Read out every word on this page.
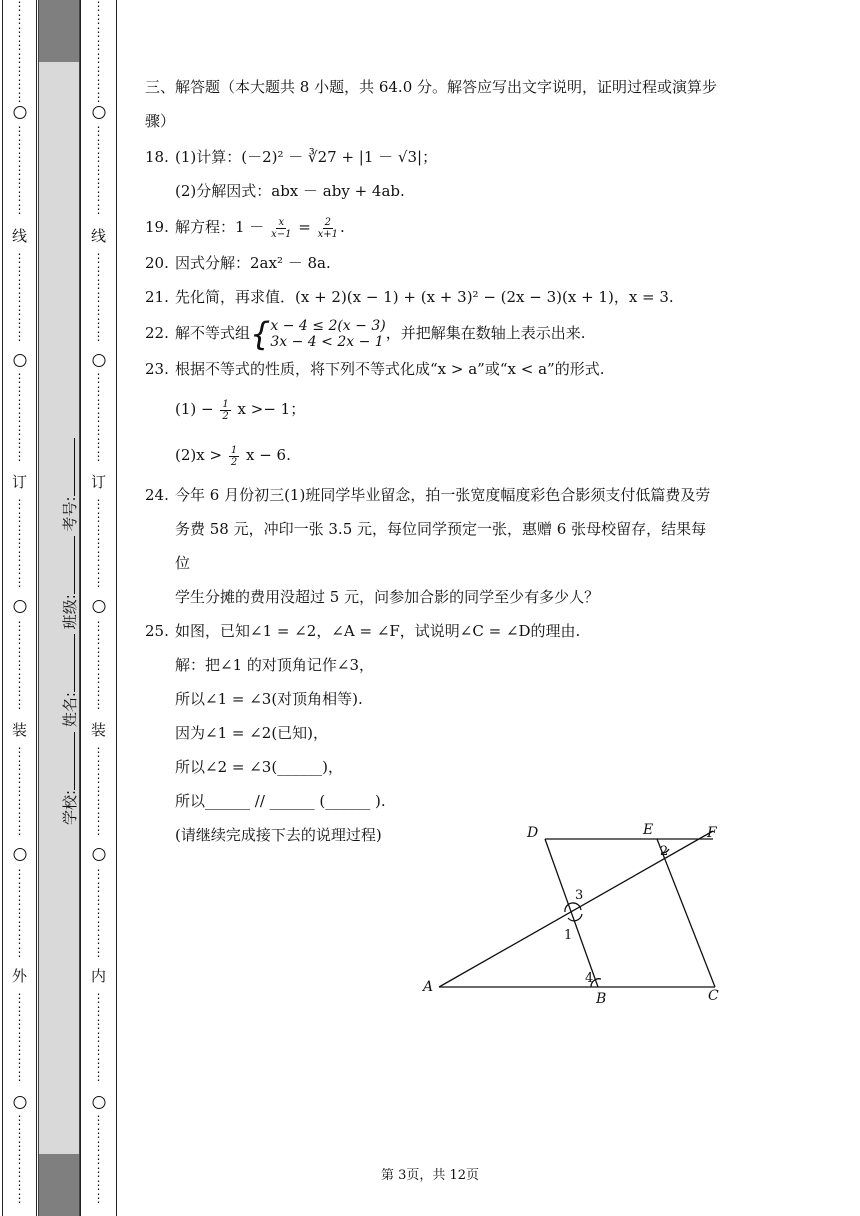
⋮
⋮
⋮
⋮
⋮
⋮
⋮
⋮
⋮
⋮
⋮
⋮
⋮
⋮
⋮
线
⋮
⋮
⋮
⋮
⋮
⋮
⋮
⋮
⋮
⋮
⋮
⋮
⋮
⋮
订
⋮
⋮
⋮
⋮
⋮
⋮
⋮
⋮
⋮
⋮
⋮
⋮
⋮
⋮
装
⋮
⋮
⋮
⋮
⋮
⋮
⋮
⋮
⋮
⋮
⋮
⋮
⋮
⋮
外
⋮
⋮
⋮
⋮
⋮
⋮
⋮
⋮
⋮
⋮
⋮
⋮
⋮
⋮
学校: 姓名: 班级: 考号:
⋮
⋮
⋮
⋮
⋮
⋮
⋮
⋮
⋮
⋮
⋮
⋮
⋮
⋮
⋮
线
⋮
⋮
⋮
⋮
⋮
⋮
⋮
⋮
⋮
⋮
⋮
⋮
⋮
⋮
订
⋮
⋮
⋮
⋮
⋮
⋮
⋮
⋮
⋮
⋮
⋮
⋮
⋮
⋮
装
⋮
⋮
⋮
⋮
⋮
⋮
⋮
⋮
⋮
⋮
⋮
⋮
⋮
⋮
内
⋮
⋮
⋮
⋮
⋮
⋮
⋮
⋮
⋮
⋮
⋮
⋮
⋮
⋮
三、解答题（本大题共 8 小题，共 64.0 分。解答应写出文字说明，证明过程或演算步
骤）
18. (1)计算：(－2)² － ∛27 + |1 － √3|；
(2)分解因式：abx － aby + 4ab.
19. 解方程：$1 - \frac{x}{x-1} = \frac{2}{x+1}$ .
20. 因式分解：2ax² － 8a.
21. 先化简，再求值．(x + 2)(x − 1) + (x + 3)² − (2x − 3)(x + 1)，x = 3.
22. 解不等式组 { x − 4 ≤ 2(x − 3)
3x − 4 < 2x − 1 ，并把解集在数轴上表示出来.
23. 根据不等式的性质，将下列不等式化成“x > a”或“x < a”的形式.
$(1) - \frac{1}{2}$ x >− 1；
$(2)x > \frac{1}{2}$ x − 6.
24. 今年 6 月份初三(1)班同学毕业留念，拍一张宽度幅度彩色合影须支付低篇费及劳
务费 58 元，冲印一张 3.5 元，每位同学预定一张，惠赠 6 张母校留存，结果每位
学生分摊的费用没超过 5 元，问参加合影的同学至少有多少人？
25. 如图，已知∠1 = ∠2，∠A = ∠F，试说明∠C = ∠D的理由.
解：把∠1 的对顶角记作∠3，
所以∠1 = ∠3(对顶角相等).
因为∠1 = ∠2(已知)，
所以∠2 = ∠3(______)，
所以______ // ______ (______ ).
(请继续完成接下去的说理过程)	D	E	F
A
B	C
1
2
3
4
第 3页，共 12页
